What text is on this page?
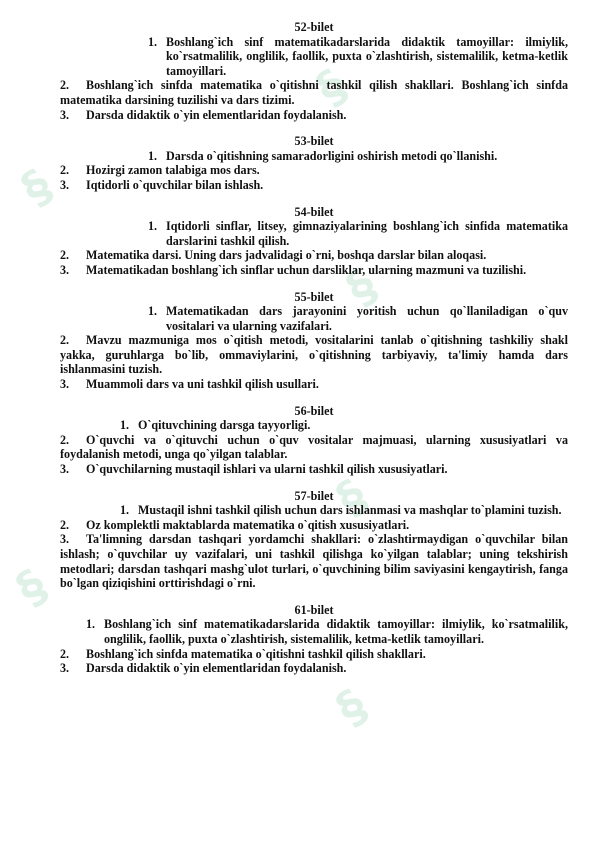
§
§
§
§
§
§

52-bilet

1. Boshlang`ich sinf matematikadarslarida didaktik tamoyillar: ilmiylik, ko`rsatmalilik, onglilik, faollik, puxta o`zlashtirish, sistemalilik, ketma-ketlik tamoyillari.

2. Boshlang`ich sinfda matematika o`qitishni tashkil qilish shakllari. Boshlang`ich sinfda matematika darsining tuzilishi va dars tizimi.

3. Darsda didaktik o`yin elementlaridan foydalanish.

53-bilet

1. Darsda o`qitishning samaradorligini oshirish metodi qo`llanishi.

2. Hozirgi zamon talabiga mos dars.

3. Iqtidorli o`quvchilar bilan ishlash.

54-bilet

1. Iqtidorli sinflar, litsey, gimnaziyalarining boshlang`ich sinfida matematika darslarini tashkil qilish.

2. Matematika darsi. Uning dars jadvalidagi o`rni, boshqa darslar bilan aloqasi.

3. Matematikadan boshlang`ich sinflar uchun darsliklar, ularning mazmuni va tuzilishi.

55-bilet

1. Matematikadan dars jarayonini yoritish uchun qo`llaniladigan o`quv vositalari va ularning vazifalari.

2. Mavzu mazmuniga mos o`qitish metodi, vositalarini tanlab o`qitishning tashkiliy shakl yakka, guruhlarga bo`lib, ommaviylarini, o`qitishning tarbiyaviy, ta'limiy hamda dars ishlanmasini tuzish.

3. Muammoli dars va uni tashkil qilish usullari.

56-bilet

1. O`qituvchining darsga tayyorligi.

2. O`quvchi va o`qituvchi uchun o`quv vositalar majmuasi, ularning xususiyatlari va foydalanish metodi, unga qo`yilgan talablar.

3. O`quvchilarning mustaqil ishlari va ularni tashkil qilish xususiyatlari.

57-bilet

1. Mustaqil ishni tashkil qilish uchun dars ishlanmasi va mashqlar to`plamini tuzish.

2. Oz komplektli maktablarda matematika o`qitish xususiyatlari.

3. Ta'limning darsdan tashqari yordamchi shakllari: o`zlashtirmaydigan o`quvchilar bilan ishlash; o`quvchilar uy vazifalari, uni tashkil qilishga ko`yilgan talablar; uning tekshirish metodlari; darsdan tashqari mashg`ulot turlari, o`quvchining bilim saviyasini kengaytirish, fanga bo`lgan qiziqishini orttirishdagi o`rni.

61-bilet

1. Boshlang`ich sinf matematikadarslarida didaktik tamoyillar: ilmiylik, ko`rsatmalilik, onglilik, faollik, puxta o`zlashtirish, sistemalilik, ketma-ketlik tamoyillari.

2. Boshlang`ich sinfda matematika o`qitishni tashkil qilish shakllari.

3. Darsda didaktik o`yin elementlaridan foydalanish.
